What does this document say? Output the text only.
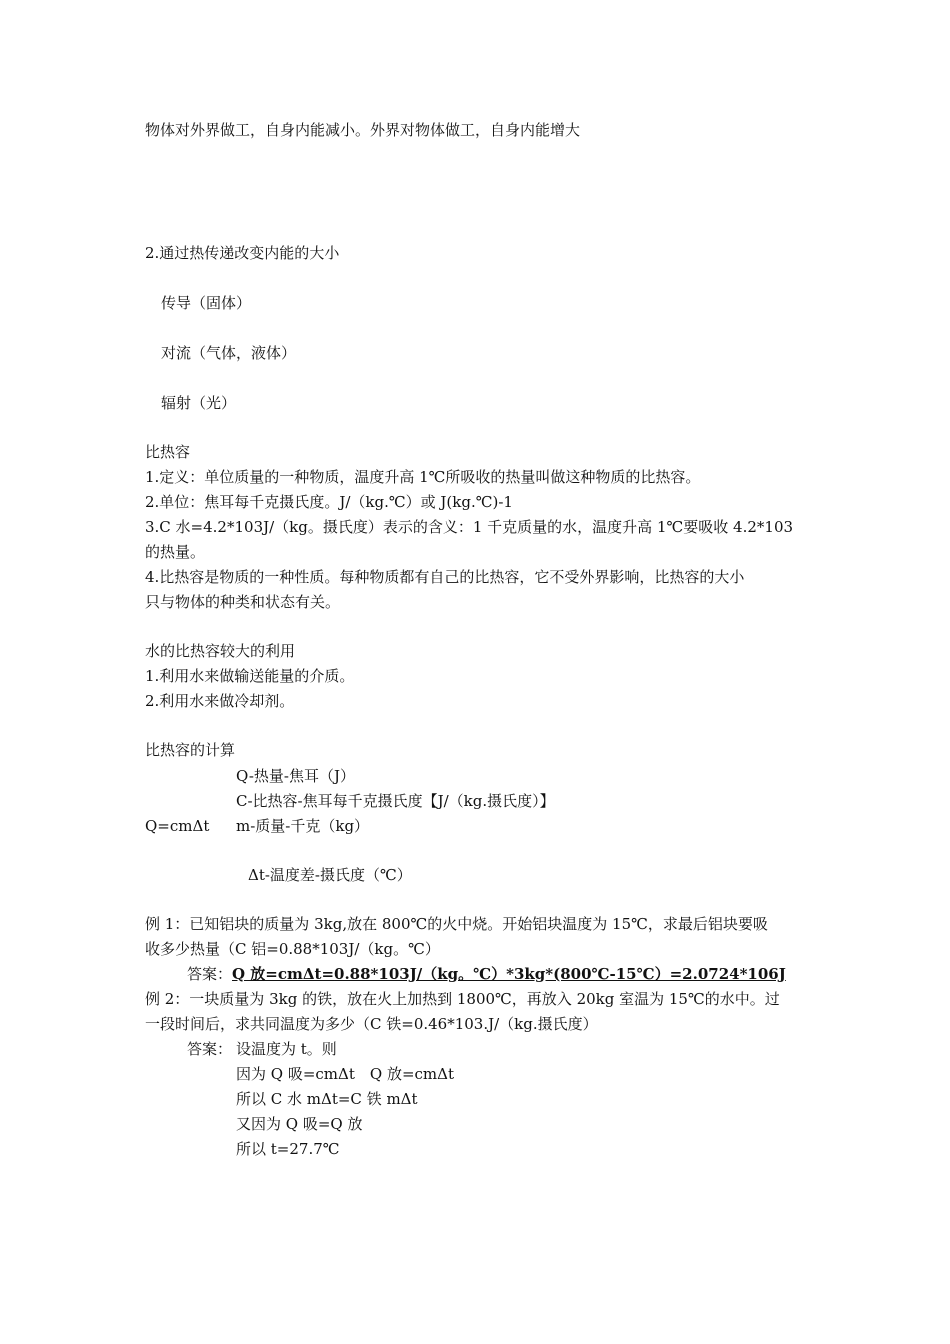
物体对外界做工，自身内能减小。外界对物体做工，自身内能增大
2.通过热传递改变内能的大小
传导（固体）
对流（气体，液体）
辐射（光）
比热容
1.定义：单位质量的一种物质，温度升高 1℃所吸收的热量叫做这种物质的比热容。
2.单位：焦耳每千克摄氏度。J/（kg.℃）或 J(kg.℃)-1
3.C 水=4.2*103J/（kg。摄氏度）表示的含义：1 千克质量的水，温度升高 1℃要吸收 4.2*103
的热量。
4.比热容是物质的一种性质。每种物质都有自己的比热容，它不受外界影响，比热容的大小
只与物体的种类和状态有关。
水的比热容较大的利用
1.利用水来做输送能量的介质。
2.利用水来做冷却剂。
比热容的计算
Q-热量-焦耳（J）
C-比热容-焦耳每千克摄氏度【J/（kg.摄氏度）】
Q=cmΔt m-质量-千克（kg）
Δt-温度差-摄氏度（℃）
例 1：已知铝块的质量为 3kg,放在 800℃的火中烧。开始铝块温度为 15℃，求最后铝块要吸
收多少热量（C 铝=0.88*103J/（kg。℃）
答案：Q 放=cmΔt=0.88*103J/（kg。℃）*3kg*(800℃-15℃）=2.0724*106J
例 2：一块质量为 3kg 的铁，放在火上加热到 1800℃，再放入 20kg 室温为 15℃的水中。过
一段时间后，求共同温度为多少（C 铁=0.46*103.J/（kg.摄氏度）
答案： 设温度为 t。则
因为 Q 吸=cmΔt　Q 放=cmΔt
所以 C 水 mΔt=C 铁 mΔt
又因为 Q 吸=Q 放
所以 t=27.7℃
